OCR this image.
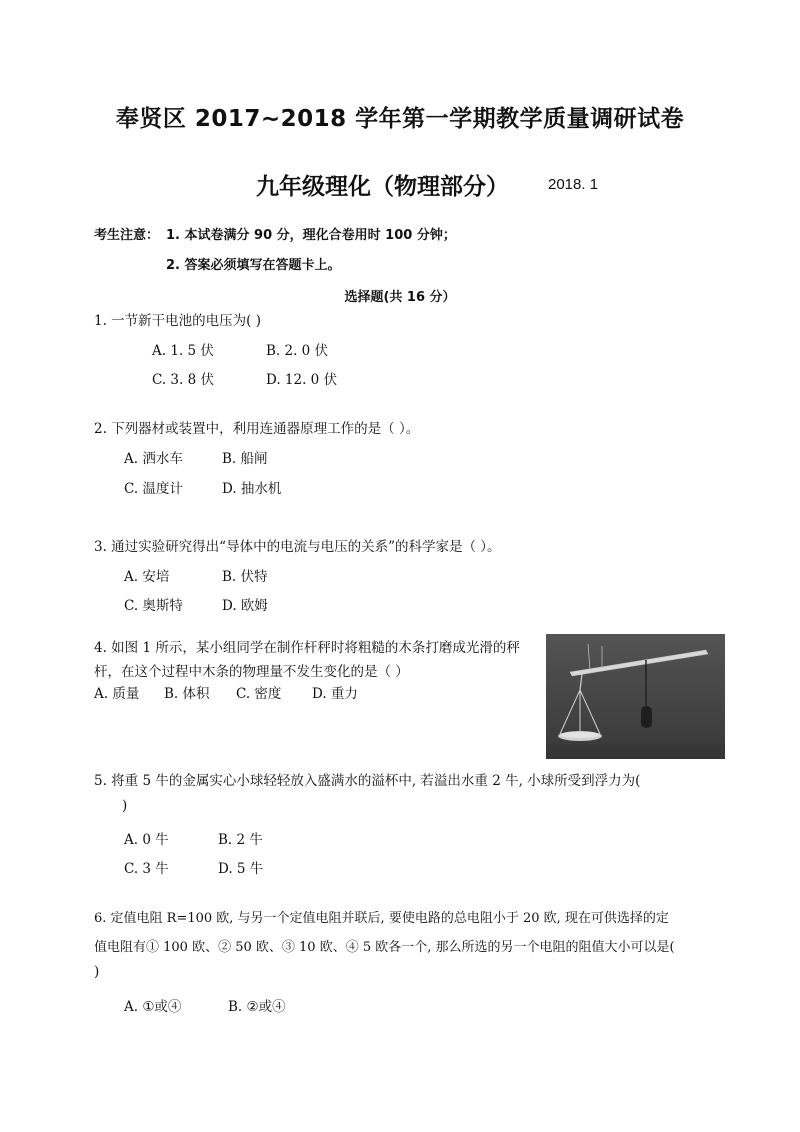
奉贤区 2017~2018 学年第一学期教学质量调研试卷
九年级理化（物理部分）	2018. 1
考生注意： 1. 本试卷满分 90 分，理化合卷用时 100 分钟；
2. 答案必须填写在答题卡上。
选择题(共 16 分）
1. 一节新干电池的电压为( )
A. 1. 5 伏	B. 2. 0 伏
C. 3. 8 伏	D. 12. 0 伏
2. 下列器材或装置中，利用连通器原理工作的是（ ）。
A. 洒水车	B. 船闸
C. 温度计	D. 抽水机
3. 通过实验研究得出“导体中的电流与电压的关系”的科学家是（ ）。
A. 安培	B. 伏特
C. 奥斯特	D. 欧姆
4. 如图 1 所示，某小组同学在制作杆秤时将粗糙的木条打磨成光滑的秤
杆，在这个过程中木条的物理量不发生变化的是（ ）
A. 质量 B. 体积 C. 密度 D. 重力
5. 将重 5 牛的金属实心小球轻轻放入盛满水的溢杯中, 若溢出水重 2 牛, 小球所受到浮力为(
)
A. 0 牛	B. 2 牛
C. 3 牛	D. 5 牛
6. 定值电阻 R=100 欧, 与另一个定值电阻并联后, 要使电路的总电阻小于 20 欧, 现在可供选择的定
值电阻有① 100 欧、② 50 欧、③ 10 欧、④ 5 欧各一个, 那么所选的另一个电阻的阻值大小可以是(
)
A. ①或④	B. ②或④
